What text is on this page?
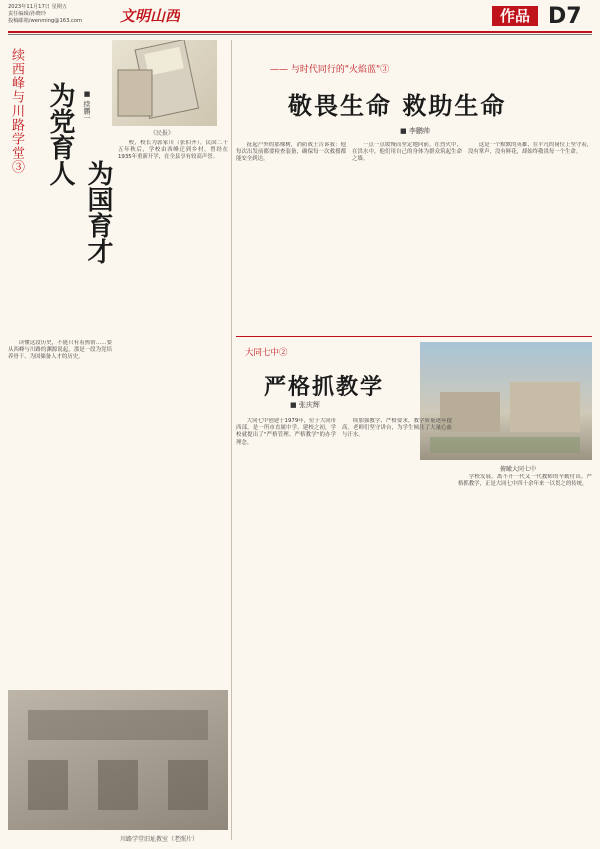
2023年11月17日 星期五
责任编辑/孙晓玲
投稿邮箱/wenming@163.com	文明山西	作品 D7
续西峰与川路学堂③ 为党育人
为国育才
■ 续鹏一
《民报》

读懂这段历史，不能只有着热情……要从西峰与川路的渊源说起，那是一段为党培养骨干、为国储备人才的历史。

校，校长为郭家川（张伯齐）。民国二十五年秋后，学校由西峰迁到乡村，曾经在1935年重新开学，在全县享有较高声誉。

川路学堂旧址教室（老照片）
—— 与时代同行的"火焰蓝"③
敬畏生命 救助生命
■ 李鹏帅

抚起户外的那棵树，消防战士告诉我：他每次出发前都要检查装备，确保每一次救援都能安全到达。

一点一点缓慢而坚定地向前。在烈火中，在洪水中，他们用自己的身体为群众筑起生命之墙。

这是一个默默的英雄，在平凡的岗位上坚守着，没有掌声，没有鲜花，却始终敬畏每一个生命。

大同七中②
严格抓教学
■ 张庆辉
俯瞰大同七中

大同七中创建于1979年，位于大同市西部，是一所市直属中学。建校之初，学校就提出了"严格管理、严格教学"的办学理念。

续加强教学、严格要求，教学质量逐年提高。老师们坚守讲台，为学生倾注了大量心血与汗水。

学校发展，离不开一代又一代教师的辛勤付出。严格抓教学，正是大同七中四十余年来一以贯之的传统。
